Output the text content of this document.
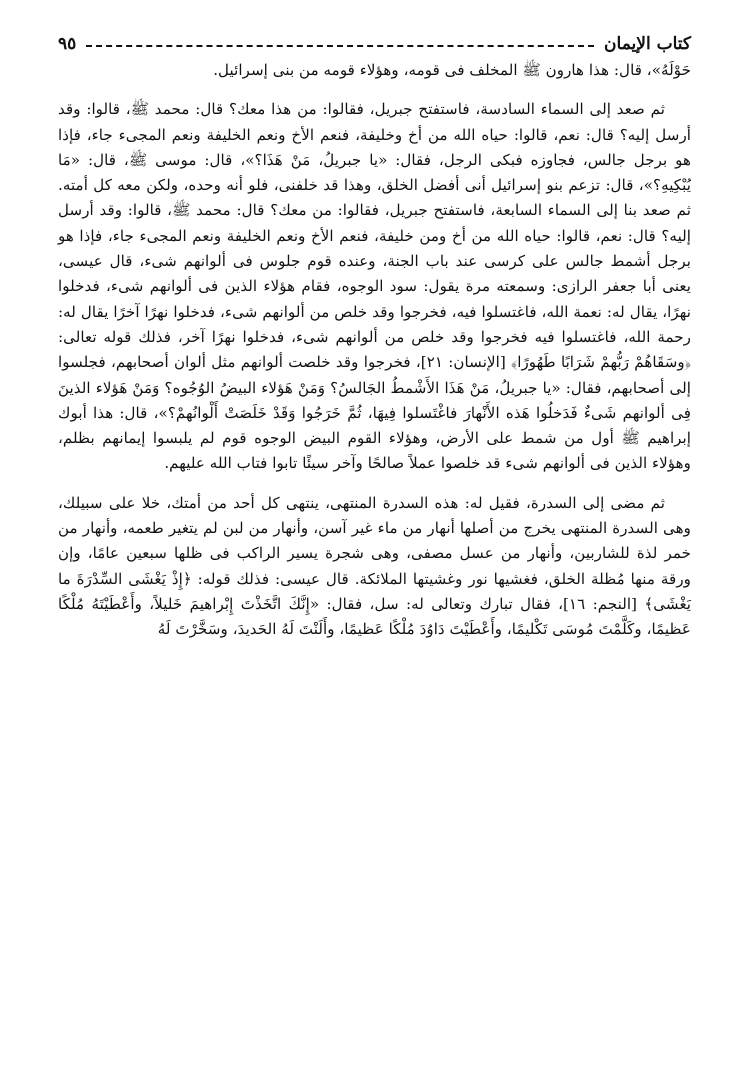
كتاب الإيمان
٩٥

حَوْلَهُ»، قال: هذا هارون ﷺ المخلف فى قومه، وهؤلاء قومه من بنى إسرائيل.

ثم صعد إلى السماء السادسة، فاستفتح جبريل، فقالوا: من هذا معك؟ قال: محمد ﷺ، قالوا: وقد أرسل إليه؟ قال: نعم، قالوا: حياه الله من أخ وخليفة، فنعم الأخ ونعم الخليفة ونعم المجىء جاء، فإذا هو برجل جالس، فجاوزه فبكى الرجل، فقال: «يا جبريلُ، مَنْ هَذَا؟»، قال: موسى ﷺ، قال: «مَا يُبْكِيهِ؟»، قال: تزعم بنو إسرائيل أنى أفضل الخلق، وهذا قد خلفنى، فلو أنه وحده، ولكن معه كل أمته. ثم صعد بنا إلى السماء السابعة، فاستفتح جبريل، فقالوا: من معك؟ قال: محمد ﷺ، قالوا: وقد أرسل إليه؟ قال: نعم، قالوا: حياه الله من أخ ومن خليفة، فنعم الأخ ونعم الخليفة ونعم المجىء جاء، فإذا هو برجل أشمط جالس على كرسى عند باب الجنة، وعنده قوم جلوس فى ألوانهم شىء، قال عيسى، يعنى أبا جعفر الرازى: وسمعته مرة يقول: سود الوجوه، فقام هؤلاء الذين فى ألوانهم شىء، فدخلوا نهرًا، يقال له: نعمة الله، فاغتسلوا فيه، فخرجوا وقد خلص من ألوانهم شىء، فدخلوا نهرًا آخرًا يقال له: رحمة الله، فاغتسلوا فيه فخرجوا وقد خلص من ألوانهم شىء، فدخلوا نهرًا آخر، فذلك قوله تعالى: ﴿وسَقَاهُمْ رَبُّهمْ شَرَابًا طَهُورًا﴾ [الإنسان: ٢١]، فخرجوا وقد خلصت ألوانهم مثل ألوان أصحابهم، فجلسوا إلى أصحابهم، فقال: «يا جبريلُ، مَنْ هَذَا الأَشْمطُ الجَالسُ؟ وَمَنْ هَؤلاء البيضُ الوُجُوه؟ وَمَنْ هَؤلاء الذينَ فِى ألوانهم شَىءٌ فَدَخلُوا هَذه الأَنْهارَ فاغْتَسلوا فِيهَا، ثُمَّ خَرَجُوا وَقَدْ خَلَصَتْ أَلْوانُهمْ؟»، قال: هذا أبوك إبراهيم ﷺ أول من شمط على الأرض، وهؤلاء القوم البيض الوجوه قوم لم يلبسوا إيمانهم بظلم، وهؤلاء الذين فى ألوانهم شىء قد خلصوا عملاً صالحًا وآخر سيئًا تابوا فتاب الله عليهم.

ثم مضى إلى السدرة، فقيل له: هذه السدرة المنتهى، ينتهى كل أحد من أمتك، خلا على سبيلك، وهى السدرة المنتهى يخرج من أصلها أنهار من ماء غير آسن، وأنهار من لبن لم يتغير طعمه، وأنهار من خمر لذة للشاربين، وأنهار من عسل مصفى، وهى شجرة يسير الراكب فى ظلها سبعين عامًا، وإن ورقة منها مُظلة الخلق، فغشيها نور وغشيتها الملائكة. قال عيسى: فذلك قوله: ﴿إِذْ يَغْشَى السِّدْرَةَ ما يَغْشَى﴾ [النجم: ١٦]، فقال تبارك وتعالى له: سل، فقال: «إِنَّكَ اتَّخَذْتَ إِبْراهيمَ خَليلاً، وأَعْطَيْتَهُ مُلْكًا عَظيمًا، وكَلَّمْتَ مُوسَى تَكْليمًا، وأَعْطَيْتَ دَاوُدَ مُلْكًا عَظيمًا، وأَلَنْتَ لَهُ الحَديدَ، وسَخَّرْتَ لَهُ
